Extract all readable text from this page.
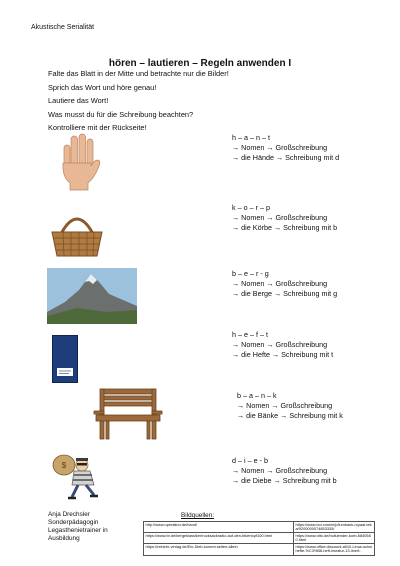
Akustische Serialität
hören – lautieren – Regeln anwenden I
Falte das Blatt in der Mitte und betrachte nur die Bilder!
Sprich das Wort und höre genau!
Lautiere das Wort!
Was musst du für die Schreibung beachten?
Kontrolliere mit der Rückseite!
h – a – n – t
→ Nomen → Großschreibung
→ die Hände → Schreibung mit d
k – o – r – p
→ Nomen → Großschreibung
→ die Körbe → Schreibung mit b
b – e – r - g
→ Nomen → Großschreibung
→ die Berge → Schreibung mit g
h – e – f – t
→ Nomen → Großschreibung
→ die Hefte → Schreibung mit t
b – a – n – k
→ Nomen → Großschreibung
→ die Bänke → Schreibung mit k
$
d – i – e - b
→ Nomen → Großschreibung
→ die Diebe → Schreibung mit b
Anja Drechsler
Sonderpädagogin
Legasthenietrainer in
Ausbildung
Bildquellen:
http://www.operation.de/hand/	https://www.bol.com/nl/p/lumbank-royaal-teka/9200000074853335/
https://www.br.de/bergeklassiker/rucksackradio-auf-den-bikertopf100.html	https://www.otto.de/holluender-korb-6840580.html
https://reinehr-verlag.de/Ein-Dieb-kommt-selten-allein	https://www.office-discount.at/10-Linus-schulhefte-%C3%B6-heft-lineatur-13-linert-
